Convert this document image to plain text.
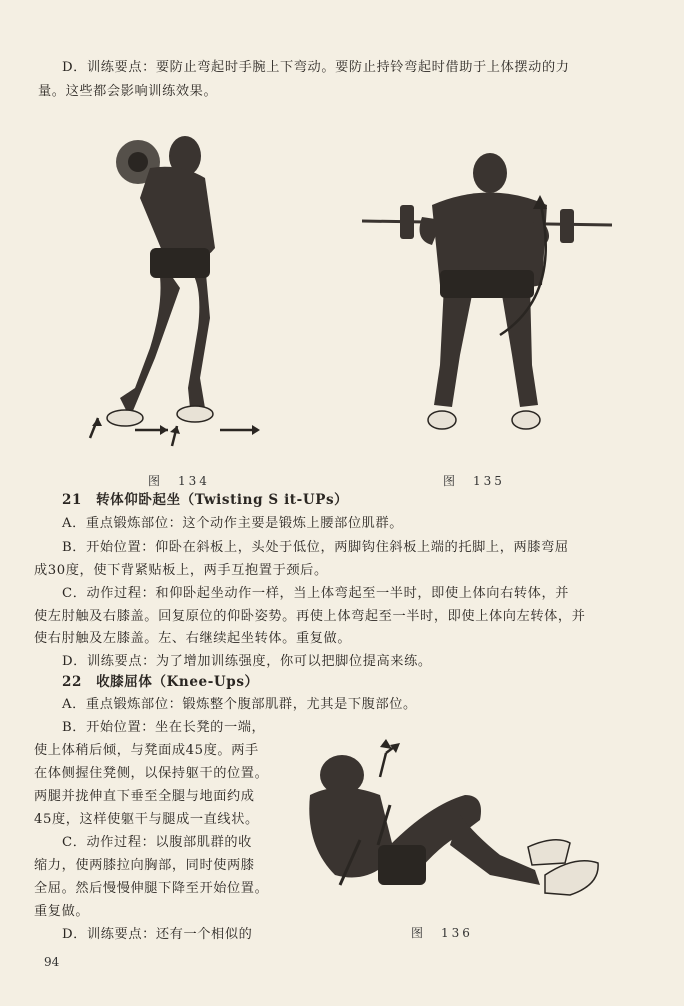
D．训练要点：要防止弯起时手腕上下弯动。要防止持铃弯起时借助于上体摆动的力
量。这些都会影响训练效果。
图　134	图　135
21　转体仰卧起坐（Twisting S it-UPs）
A．重点锻炼部位：这个动作主要是锻炼上腰部位肌群。
B．开始位置：仰卧在斜板上，头处于低位，两脚钩住斜板上端的托脚上，两膝弯屈
成30度，使下背紧贴板上，两手互抱置于颈后。
C．动作过程：和仰卧起坐动作一样，当上体弯起至一半时，即使上体向右转体，并
使左肘触及右膝盖。回复原位的仰卧姿势。再使上体弯起至一半时，即使上体向左转体，并
使右肘触及左膝盖。左、右继续起坐转体。重复做。
D．训练要点：为了增加训练强度，你可以把脚位提高来练。
22　收膝屈体（Knee-Ups）
A．重点锻炼部位：锻炼整个腹部肌群，尤其是下腹部位。
B．开始位置：坐在长凳的一端，
使上体稍后倾，与凳面成45度。两手
在体侧握住凳侧，以保持躯干的位置。
两腿并拢伸直下垂至全腿与地面约成
45度，这样使躯干与腿成一直线状。
C．动作过程：以腹部肌群的收
缩力，使两膝拉向胸部，同时使两膝
全屈。然后慢慢伸腿下降至开始位置。
重复做。
D．训练要点：还有一个相似的	图　136
94
